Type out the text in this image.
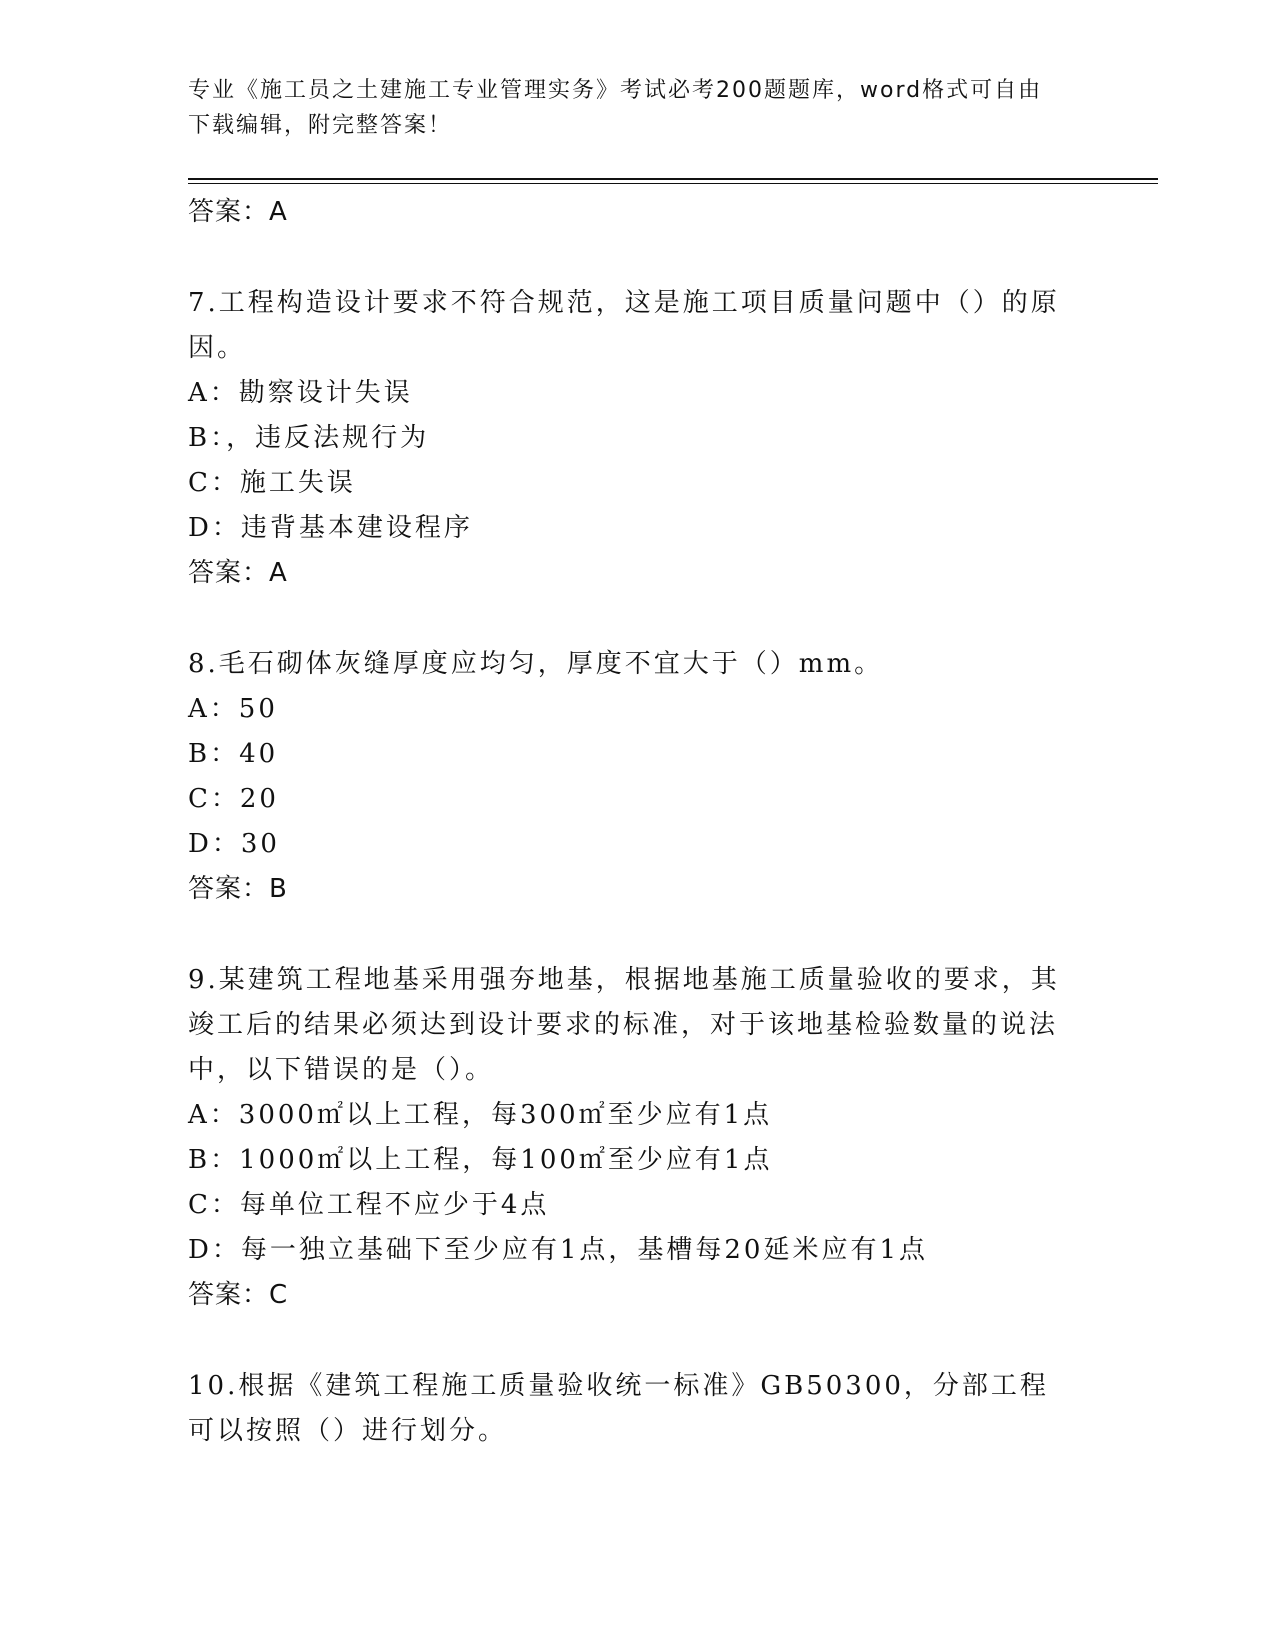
专业《施工员之土建施工专业管理实务》考试必考200题题库，word格式可自由
下载编辑，附完整答案！
答案：A
7.工程构造设计要求不符合规范，这是施工项目质量问题中（）的原因。
A：勘察设计失误
B：，违反法规行为
C：施工失误
D：违背基本建设程序
答案：A
8.毛石砌体灰缝厚度应均匀，厚度不宜大于（）mm。
A：50
B：40
C：20
D：30
答案：B
9.某建筑工程地基采用强夯地基，根据地基施工质量验收的要求，其竣工后的结果必须达到设计要求的标准，对于该地基检验数量的说法中，以下错误的是（）。
A：3000㎡以上工程，每300㎡至少应有1点
B：1000㎡以上工程，每100㎡至少应有1点
C：每单位工程不应少于4点
D：每一独立基础下至少应有1点，基槽每20延米应有1点
答案：C
10.根据《建筑工程施工质量验收统一标准》GB50300，分部工程可以按照（）进行划分。
